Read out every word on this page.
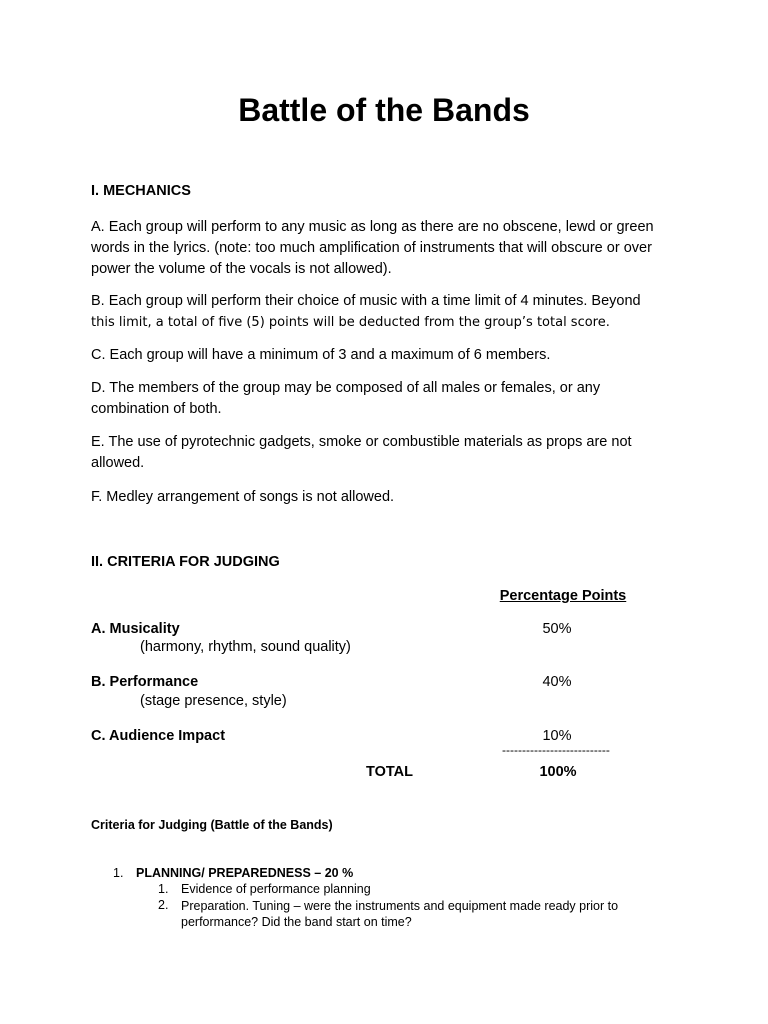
Battle of the Bands
I. MECHANICS
A. Each group will perform to any music as long as there are no obscene, lewd or green
words in the lyrics. (note: too much amplification of instruments that will obscure or over
power the volume of the vocals is not allowed).
B. Each group will perform their choice of music with a time limit of 4 minutes. Beyond
this limit, a total of five (5) points will be deducted from the group’s total score.
C. Each group will have a minimum of 3 and a maximum of 6 members.
D. The members of the group may be composed of all males or females, or any
combination of both.
E. The use of pyrotechnic gadgets, smoke or combustible materials as props are not
allowed.
F. Medley arrangement of songs is not allowed.
II. CRITERIA FOR JUDGING
Percentage Points
A. Musicality
(harmony, rhythm, sound quality)
50%
B. Performance
(stage presence, style)
40%
C. Audience Impact	10%
---------------------------
TOTAL	100%
Criteria for Judging (Battle of the Bands)
1. PLANNING/ PREPAREDNESS – 20 %
1. Evidence of performance planning
2. Preparation. Tuning – were the instruments and equipment made ready prior to
performance? Did the band start on time?
